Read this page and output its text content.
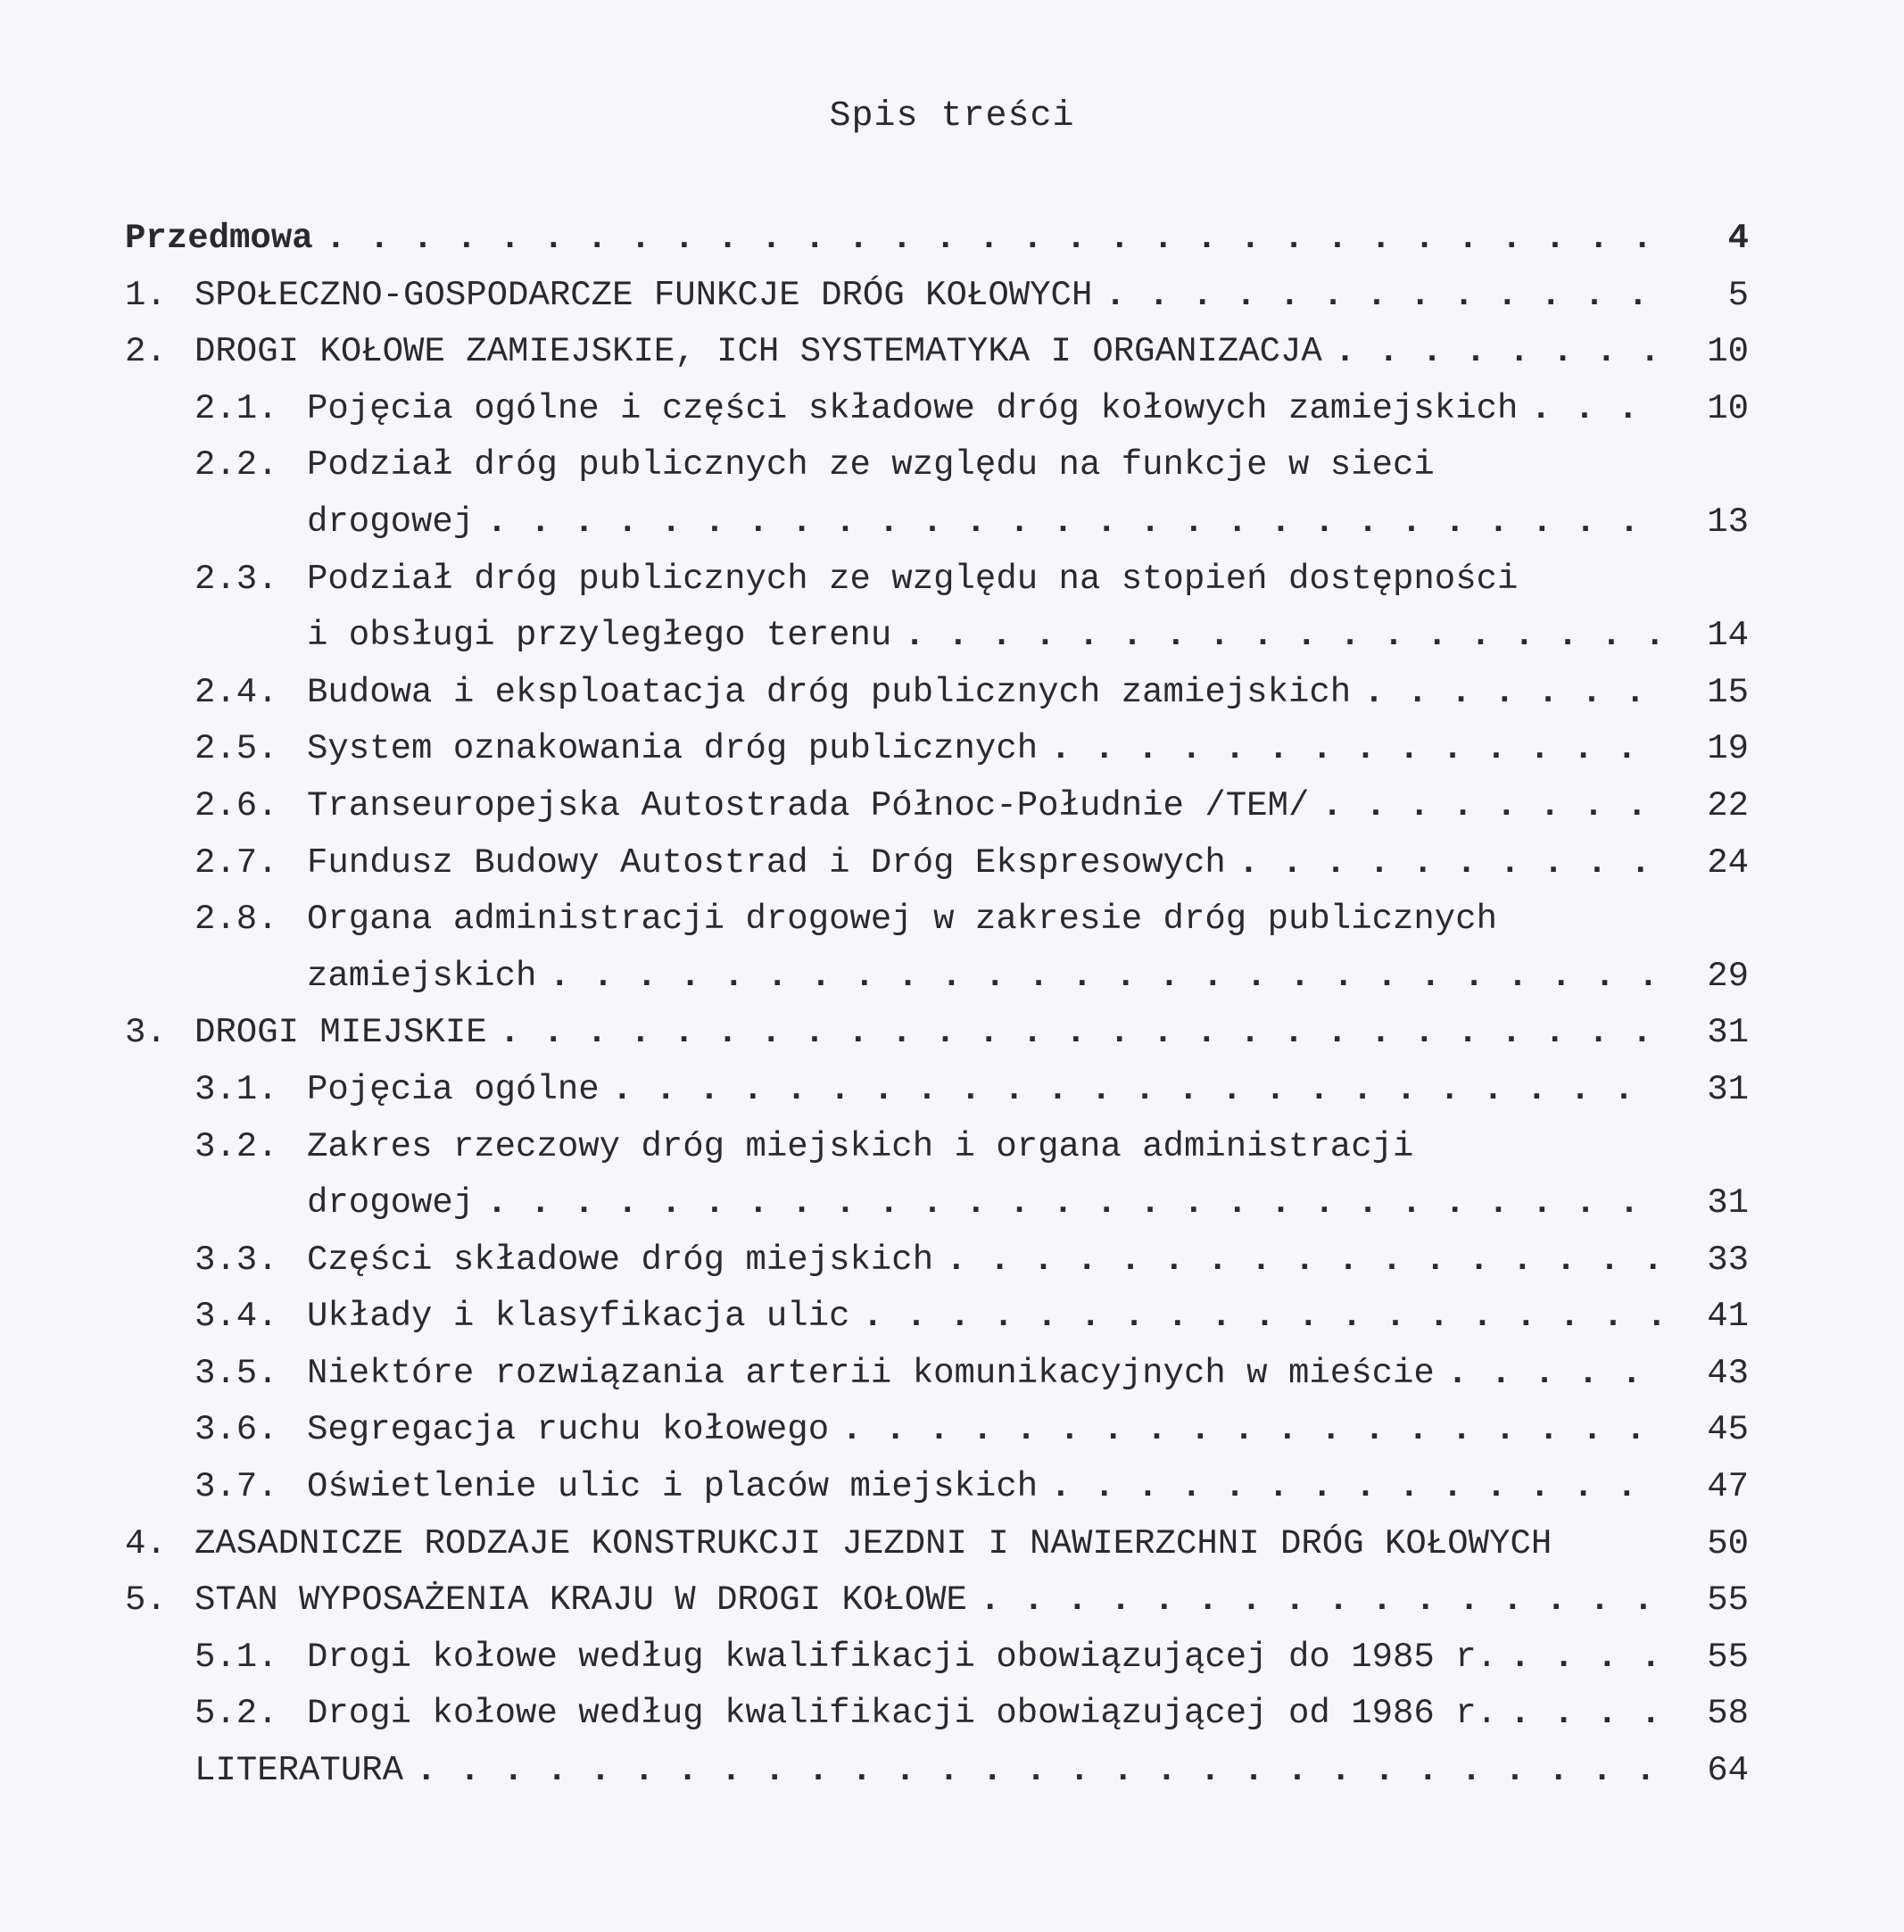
Spis treści
Przedmowa . . .	4
1. SPOŁECZNO-GOSPODARCZE FUNKCJE DRÓG KOŁOWYCH . . .	5
2. DROGI KOŁOWE ZAMIEJSKIE, ICH SYSTEMATYKA I ORGANIZACJA . . .	10
2.1. Pojęcia ogólne i części składowe dróg kołowych zamiejskich . . .	10
2.2. Podział dróg publicznych ze względu na funkcje w sieci
drogowej . . .	13
2.3. Podział dróg publicznych ze względu na stopień dostępności
i obsługi przyległego terenu . . .	14
2.4. Budowa i eksploatacja dróg publicznych zamiejskich . . .	15
2.5. System oznakowania dróg publicznych . . .	19
2.6. Transeuropejska Autostrada Północ-Południe /TEM/ . . .	22
2.7. Fundusz Budowy Autostrad i Dróg Ekspresowych . . .	24
2.8. Organa administracji drogowej w zakresie dróg publicznych
zamiejskich . . .	29
3. DROGI MIEJSKIE . . .	31
3.1. Pojęcia ogólne . . .	31
3.2. Zakres rzeczowy dróg miejskich i organa administracji
drogowej . . .	31
3.3. Części składowe dróg miejskich . . .	33
3.4. Układy i klasyfikacja ulic . . .	41
3.5. Niektóre rozwiązania arterii komunikacyjnych w mieście . . .	43
3.6. Segregacja ruchu kołowego . . .	45
3.7. Oświetlenie ulic i placów miejskich . . .	47
4. ZASADNICZE RODZAJE KONSTRUKCJI JEZDNI I NAWIERZCHNI DRÓG KOŁOWYCH	50
5. STAN WYPOSAŻENIA KRAJU W DROGI KOŁOWE . . .	55
5.1. Drogi kołowe według kwalifikacji obowiązującej do 1985 r. . . .	55
5.2. Drogi kołowe według kwalifikacji obowiązującej od 1986 r. . . .	58
LITERATURA . . .	64
